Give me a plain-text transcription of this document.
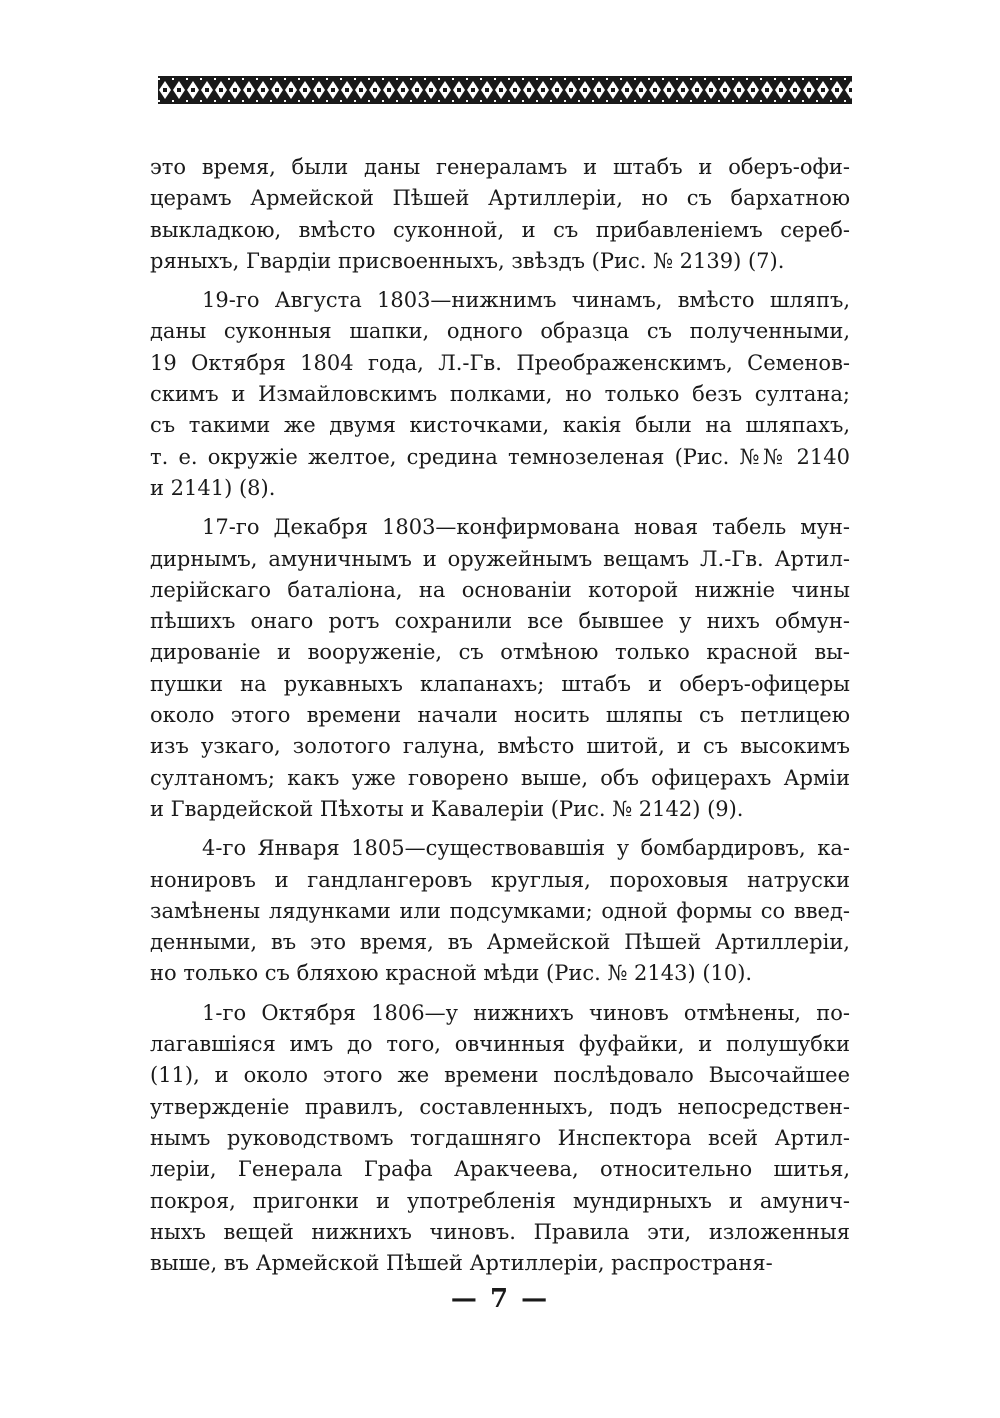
это время, были даны генераламъ и штабъ и оберъ-офи-
церамъ Армейской Пѣшей Артиллеріи, но съ бархатною
выкладкою, вмѣсто суконной, и съ прибавленіемъ сереб-
ряныхъ, Гвардіи присвоенныхъ, звѣздъ (Рис. № 2139) (7).
19-го Августа 1803—нижнимъ чинамъ, вмѣсто шляпъ,
даны суконныя шапки, одного образца съ полученными,
19 Октября 1804 года, Л.-Гв. Преображенскимъ, Семенов-
скимъ и Измайловскимъ полками, но только безъ султана;
съ такими же двумя кисточками, какія были на шляпахъ,
т. е. окружіе желтое, средина темнозеленая (Рис. №№ 2140
и 2141) (8).
17-го Декабря 1803—конфирмована новая табель мун-
дирнымъ, амуничнымъ и оружейнымъ вещамъ Л.-Гв. Артил-
лерійскаго баталіона, на основаніи которой нижніе чины
пѣшихъ онаго ротъ сохранили все бывшее у нихъ обмун-
дированіе и вооруженіе, съ отмѣною только красной вы-
пушки на рукавныхъ клапанахъ; штабъ и оберъ-офицеры
около этого времени начали носить шляпы съ петлицею
изъ узкаго, золотого галуна, вмѣсто шитой, и съ высокимъ
султаномъ; какъ уже говорено выше, объ офицерахъ Арміи
и Гвардейской Пѣхоты и Кавалеріи (Рис. № 2142) (9).
4-го Января 1805—существовавшія у бомбардировъ, ка-
нонировъ и гандлангеровъ круглыя, пороховыя натруски
замѣнены лядунками или подсумками; одной формы со введ-
денными, въ это время, въ Армейской Пѣшей Артиллеріи,
но только съ бляхою красной мѣди (Рис. № 2143) (10).
1-го Октября 1806—у нижнихъ чиновъ отмѣнены, по-
лагавшіяся имъ до того, овчинныя фуфайки, и полушубки
(11), и около этого же времени послѣдовало Высочайшее
утвержденіе правилъ, составленныхъ, подъ непосредствен-
нымъ руководствомъ тогдашняго Инспектора всей Артил-
леріи, Генерала Графа Аракчеева, относительно шитья,
покроя, пригонки и употребленія мундирныхъ и амунич-
ныхъ вещей нижнихъ чиновъ. Правила эти, изложенныя
выше, въ Армейской Пѣшей Артиллеріи, распространя-
— 7 —
